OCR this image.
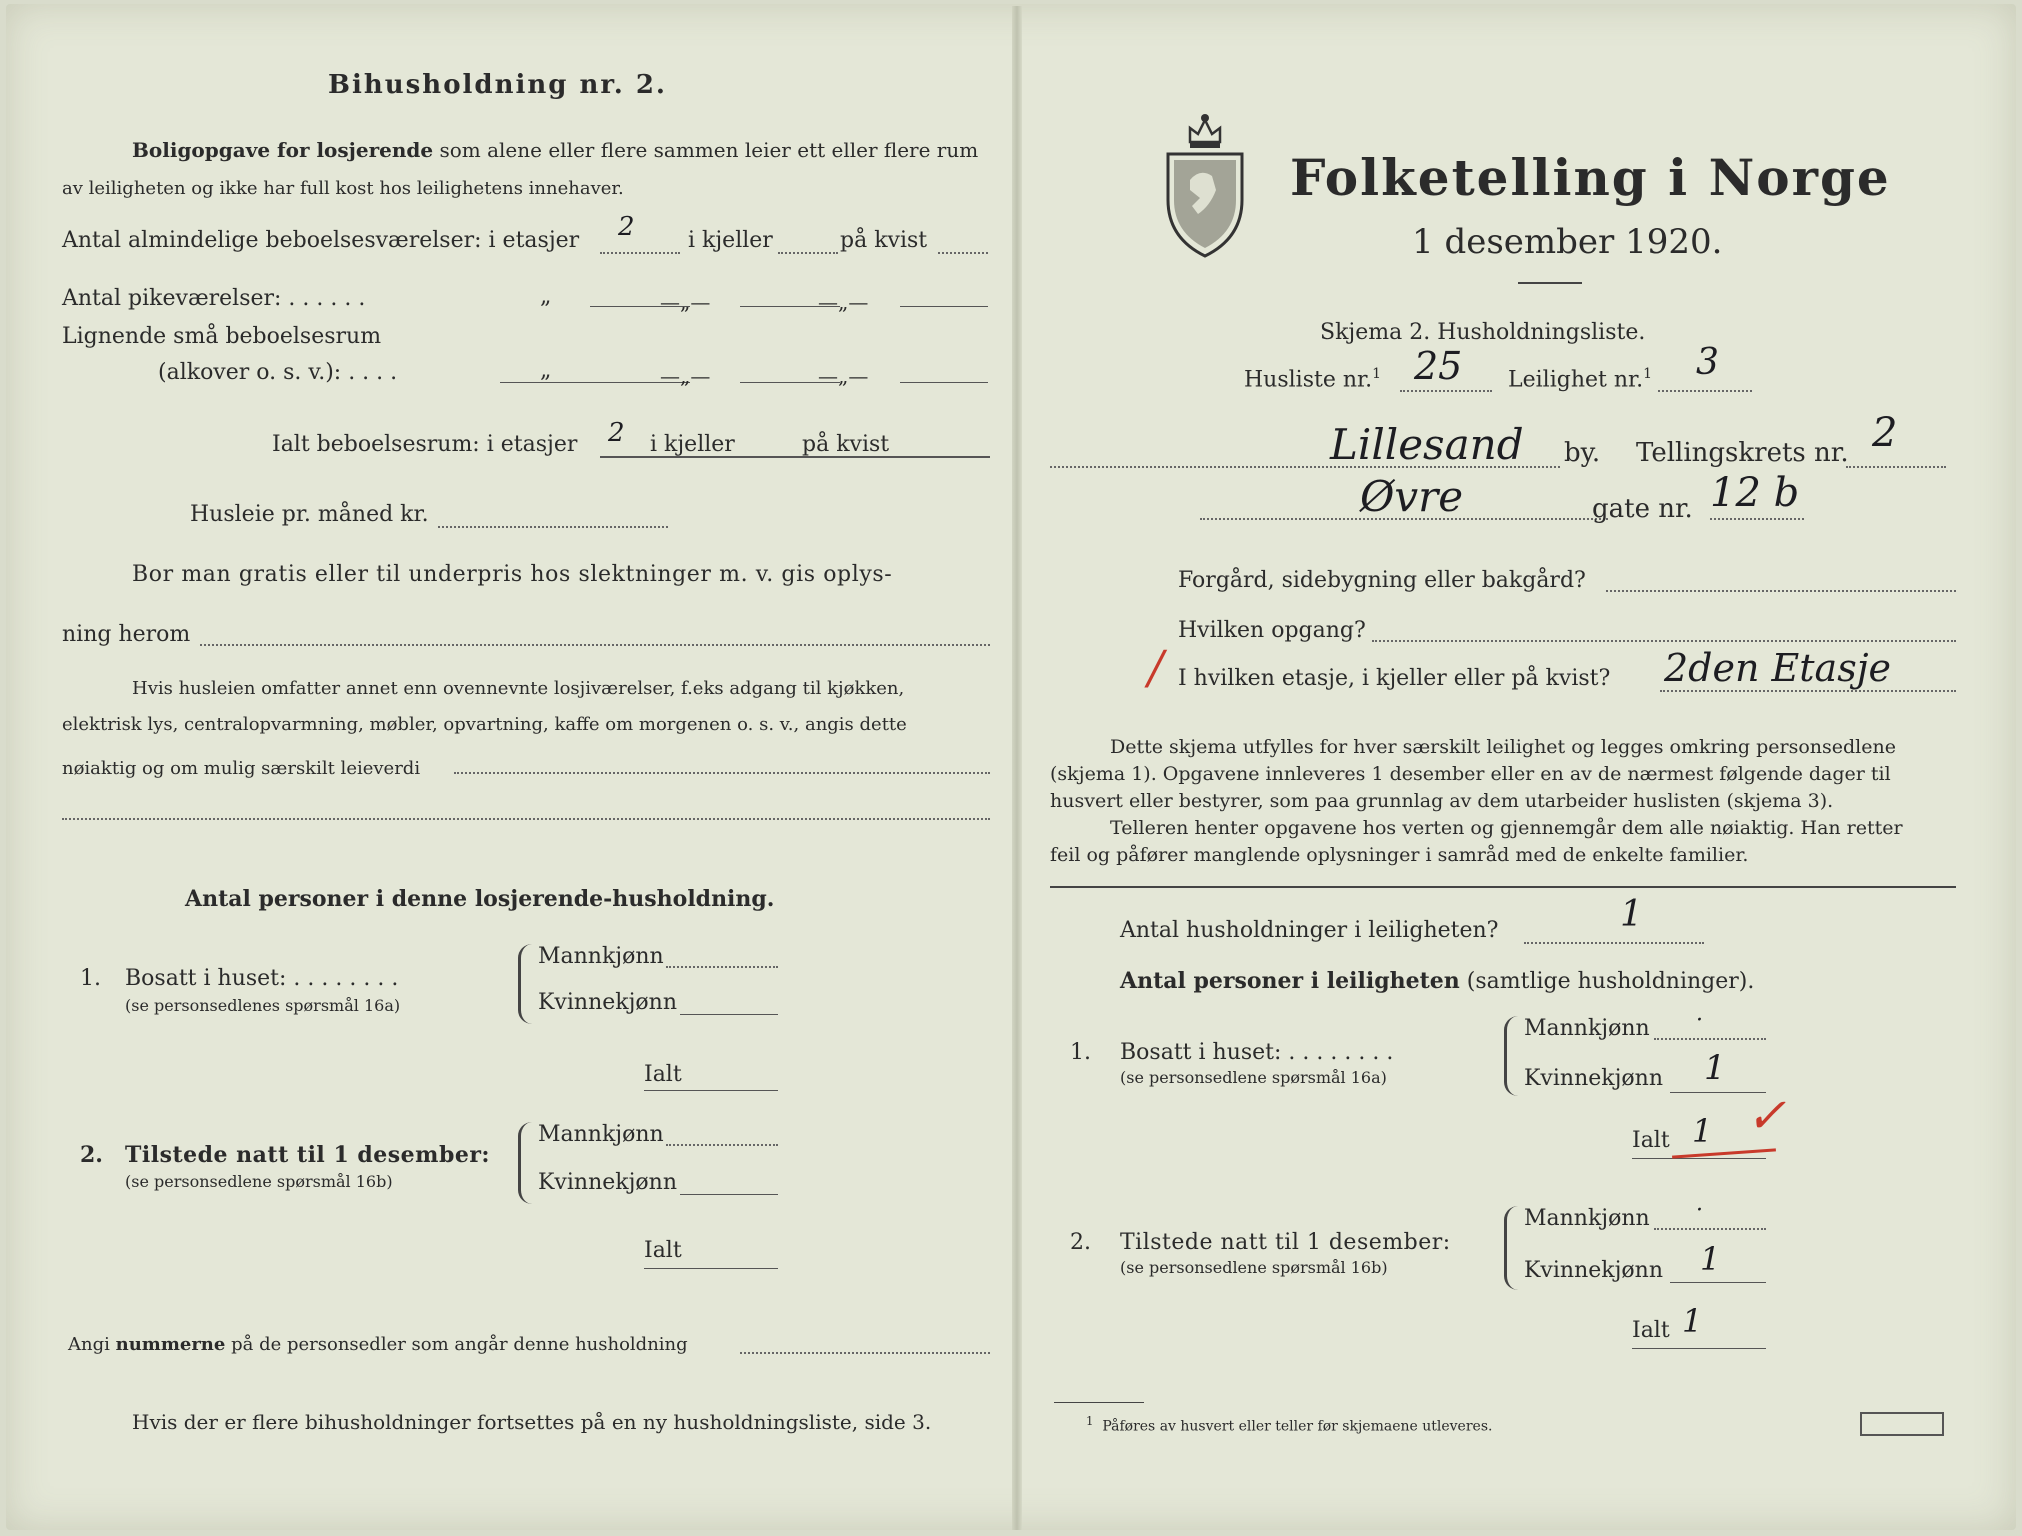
Bihusholdning nr. 2.
Boligopgave for losjerende som alene eller flere sammen leier ett eller flere rum
av leiligheten og ikke har full kost hos leilighetens innehaver.
Antal almindelige beboelsesværelser: i etasjer 2 i kjeller	på kvist
Antal pikeværelser: . . . . . .	„	—„—	—„—
Lignende små beboelsesrum
(alkover o. s. v.): . . . .	„	—„—	—„—
Ialt beboelsesrum: i etasjer 2 i kjeller	på kvist
Husleie pr. måned kr.
Bor man gratis eller til underpris hos slektninger m. v. gis oplys-
ning herom
Hvis husleien omfatter annet enn ovennevnte losjiværelser, f.eks adgang til kjøkken,
elektrisk lys, centralopvarmning, møbler, opvartning, kaffe om morgenen o. s. v., angis dette
nøiaktig og om mulig særskilt leieverdi
Antal personer i denne losjerende-husholdning.
1. Bosatt i huset: . . . . . . . .
(se personsedlenes spørsmål 16a)
Mannkjønn
Kvinnekjønn
Ialt
2. Tilstede natt til 1 desember:
(se personsedlene spørsmål 16b)
Mannkjønn
Kvinnekjønn
Ialt
Angi nummerne på de personsedler som angår denne husholdning
Hvis der er flere bihusholdninger fortsettes på en ny husholdningsliste, side 3.
Folketelling i Norge
1 desember 1920.
Skjema 2. Husholdningsliste.
Husliste nr.$^1$ 25 Leilighet nr.$^1$ 3
Lillesand by. Tellingskrets nr. 2
Øvre	gate nr. 12 b
Forgård, sidebygning eller bakgård?
Hvilken opgang?
/ I hvilken etasje, i kjeller eller på kvist? 2den Etasje
Dette skjema utfylles for hver særskilt leilighet og legges omkring personsedlene
(skjema 1). Opgavene innleveres 1 desember eller en av de nærmest følgende dager til
husvert eller bestyrer, som paa grunnlag av dem utarbeider huslisten (skjema 3).
Telleren henter opgavene hos verten og gjennemgår dem alle nøiaktig. Han retter
feil og påfører manglende oplysninger i samråd med de enkelte familier.
Antal husholdninger i leiligheten?	1
Antal personer i leiligheten (samtlige husholdninger).
1. Bosatt i huset: . . . . . . . .
(se personsedlene spørsmål 16a)
Mannkjønn ·
Kvinnekjønn 1
Ialt 1 ✓
2. Tilstede natt til 1 desember:
(se personsedlene spørsmål 16b)
Mannkjønn ·
Kvinnekjønn 1
Ialt 1
$^1$ Påføres av husvert eller teller før skjemaene utleveres.
